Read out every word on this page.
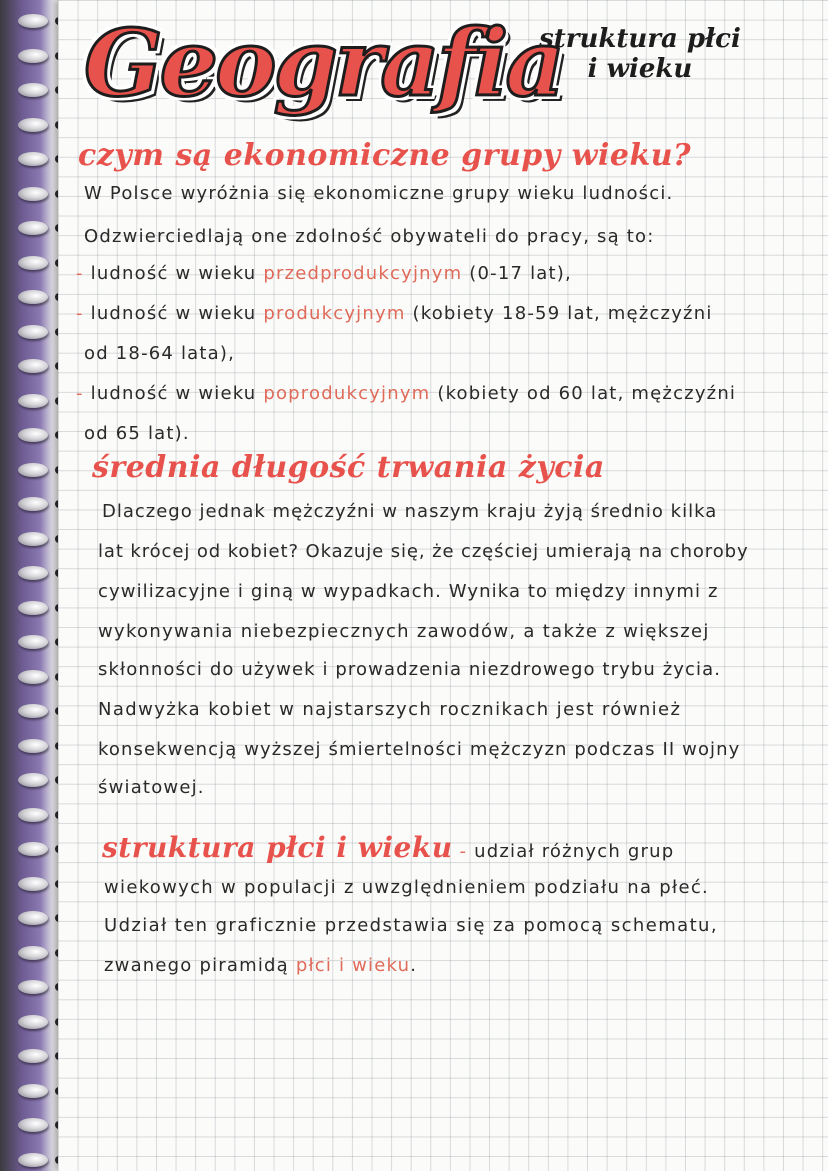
Geografia
struktura płci
i wieku
czym są ekonomiczne grupy wieku?
W Polsce wyróżnia się ekonomiczne grupy wieku ludności.
Odzwierciedlają one zdolność obywateli do pracy, są to:
- ludność w wieku przedprodukcyjnym (0-17 lat),
- ludność w wieku produkcyjnym (kobiety 18-59 lat, mężczyźni
od 18-64 lata),
- ludność w wieku poprodukcyjnym (kobiety od 60 lat, mężczyźni
od 65 lat).
średnia długość trwania życia
Dlaczego jednak mężczyźni w naszym kraju żyją średnio kilka
lat krócej od kobiet? Okazuje się, że częściej umierają na choroby
cywilizacyjne i giną w wypadkach. Wynika to między innymi z
wykonywania niebezpiecznych zawodów, a także z większej
skłonności do używek i prowadzenia niezdrowego trybu życia.
Nadwyżka kobiet w najstarszych rocznikach jest również
konsekwencją wyższej śmiertelności mężczyzn podczas II wojny
światowej.
struktura płci i wieku - udział różnych grup
wiekowych w populacji z uwzględnieniem podziału na płeć.
Udział ten graficznie przedstawia się za pomocą schematu,
zwanego piramidą płci i wieku.
